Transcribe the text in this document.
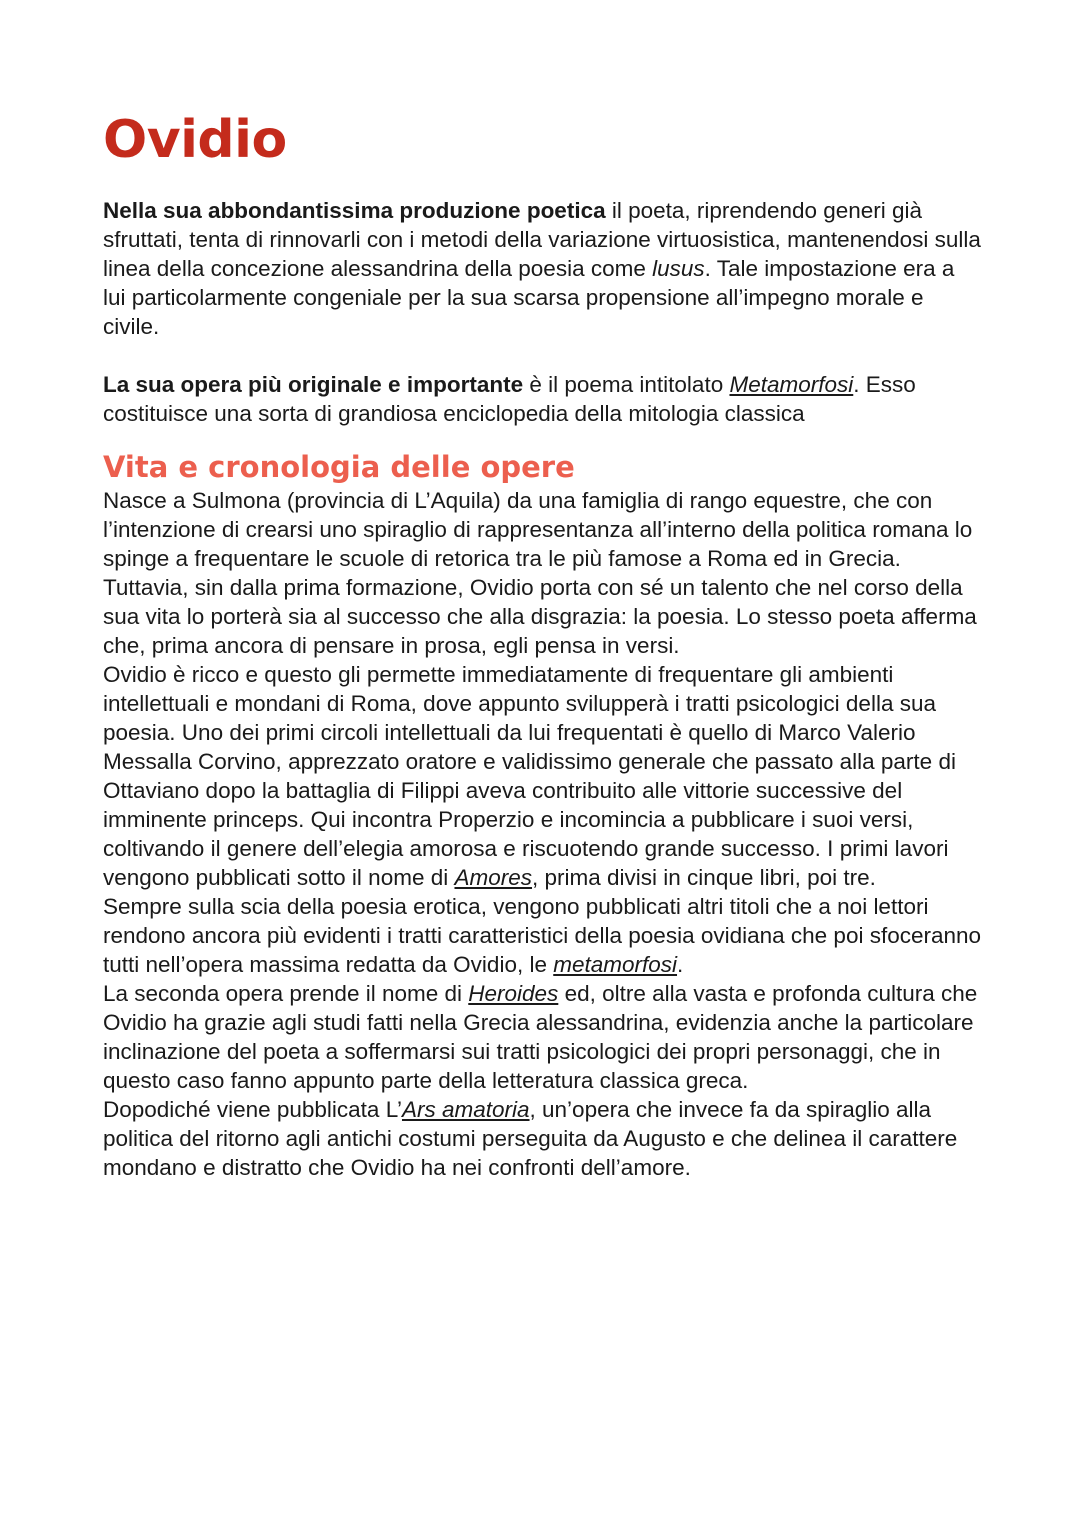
Ovidio

Nella sua abbondantissima produzione poetica il poeta, riprendendo generi già sfruttati, tenta di rinnovarli con i metodi della variazione virtuosistica, mantenendosi sulla linea della concezione alessandrina della poesia come lusus. Tale impostazione era a lui particolarmente congeniale per la sua scarsa propensione all’impegno morale e civile.

La sua opera più originale e importante è il poema intitolato Metamorfosi. Esso costituisce una sorta di grandiosa enciclopedia della mitologia classica

Vita e cronologia delle opere

Nasce a Sulmona (provincia di L’Aquila) da una famiglia di rango equestre, che con l’intenzione di crearsi uno spiraglio di rappresentanza all’interno della politica romana lo spinge a frequentare le scuole di retorica tra le più famose a Roma ed in Grecia. Tuttavia, sin dalla prima formazione, Ovidio porta con sé un talento che nel corso della sua vita lo porterà sia al successo che alla disgrazia: la poesia. Lo stesso poeta afferma che, prima ancora di pensare in prosa, egli pensa in versi.

Ovidio è ricco e questo gli permette immediatamente di frequentare gli ambienti intellettuali e mondani di Roma, dove appunto svilupperà i tratti psicologici della sua poesia. Uno dei primi circoli intellettuali da lui frequentati è quello di Marco Valerio Messalla Corvino, apprezzato oratore e validissimo generale che passato alla parte di Ottaviano dopo la battaglia di Filippi aveva contribuito alle vittorie successive del imminente princeps. Qui incontra Properzio e incomincia a pubblicare i suoi versi, coltivando il genere dell’elegia amorosa e riscuotendo grande successo. I primi lavori vengono pubblicati sotto il nome di Amores, prima divisi in cinque libri, poi tre.

Sempre sulla scia della poesia erotica, vengono pubblicati altri titoli che a noi lettori rendono ancora più evidenti i tratti caratteristici della poesia ovidiana che poi sfoceranno tutti nell’opera massima redatta da Ovidio, le metamorfosi.

La seconda opera prende il nome di Heroides ed, oltre alla vasta e profonda cultura che Ovidio ha grazie agli studi fatti nella Grecia alessandrina, evidenzia anche la particolare inclinazione del poeta a soffermarsi sui tratti psicologici dei propri personaggi, che in questo caso fanno appunto parte della letteratura classica greca.

Dopodiché viene pubblicata L’Ars amatoria, un’opera che invece fa da spiraglio alla politica del ritorno agli antichi costumi perseguita da Augusto e che delinea il carattere mondano e distratto che Ovidio ha nei confronti dell’amore.
